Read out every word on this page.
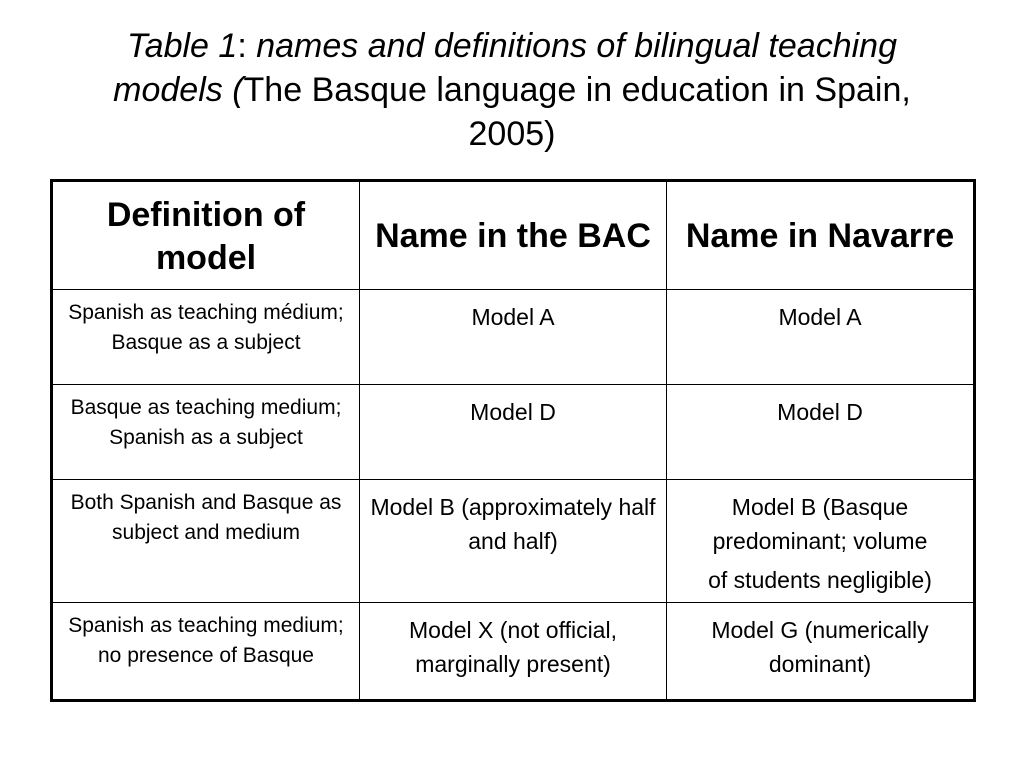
Table 1: names and definitions of bilingual teaching models (The Basque language in education in Spain, 2005)
Definition of model	Name in the BAC	Name in Navarre
Spanish as teaching médium; Basque as a subject	Model A	Model A
Basque as teaching medium; Spanish as a subject	Model D	Model D
Both Spanish and Basque as subject and medium	Model B (approximately half and half)	Model B (Basque predominant; volume
of students negligible)

Spanish as teaching medium; no presence of Basque	Model X (not official, marginally present)	Model G (numerically dominant)
